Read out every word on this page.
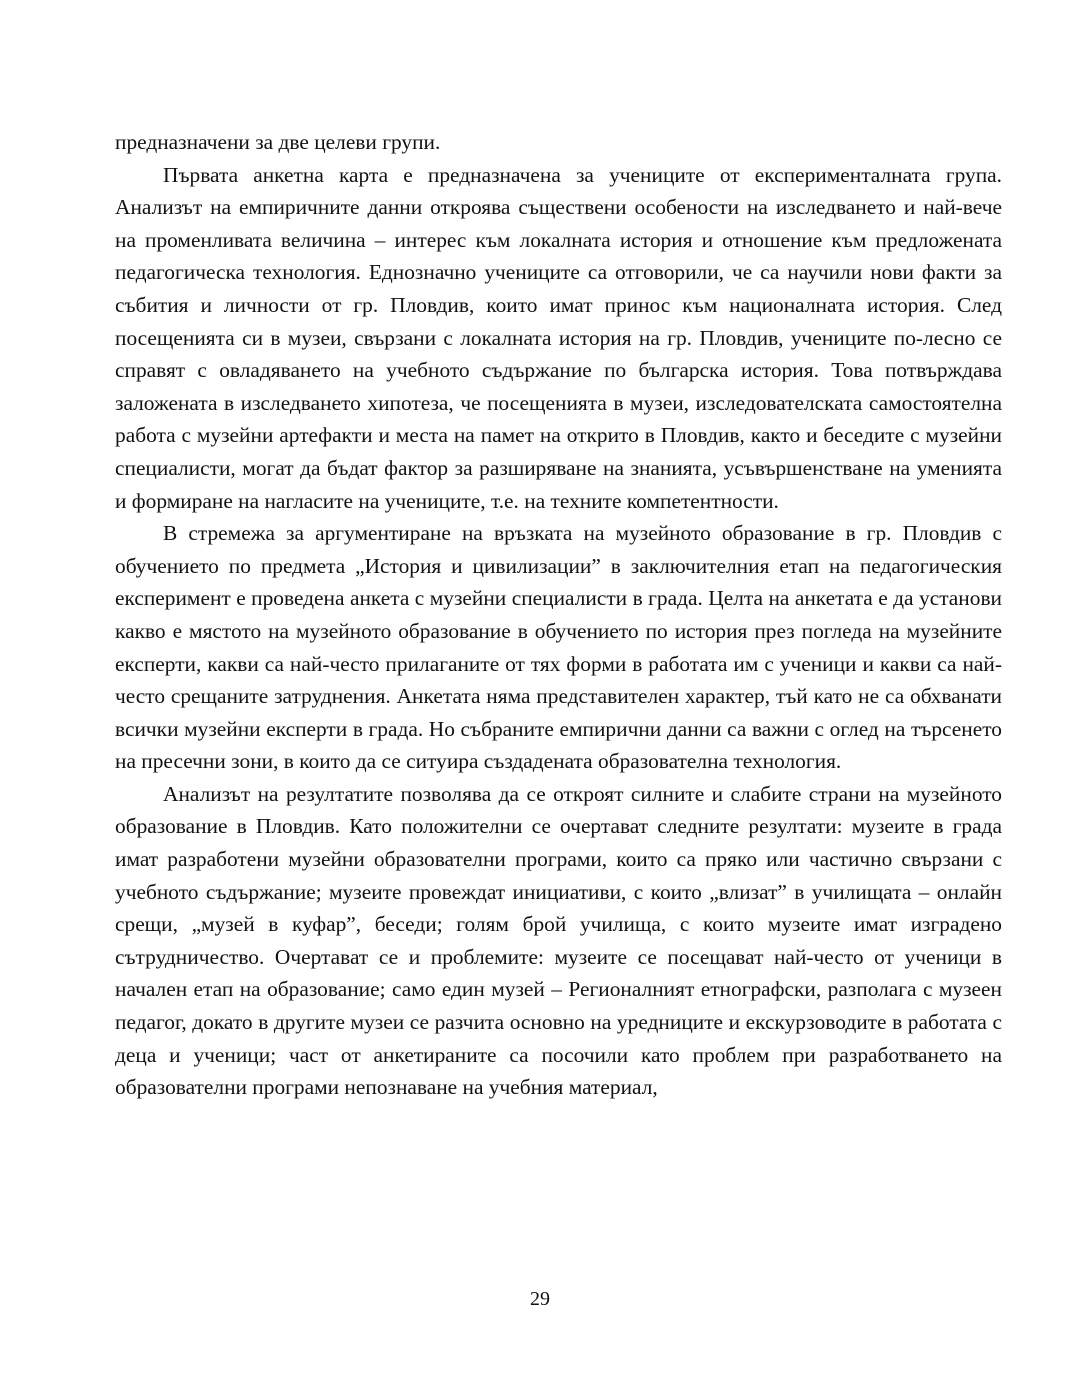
предназначени за две целеви групи.

Първата анкетна карта е предназначена за учениците от експерименталната група. Анализът на емпиричните данни откроява съществени особености на изследването и най-вече на променливата величина – интерес към локалната история и отношение към предложената педагогическа технология. Еднозначно учениците са отговорили, че са научили нови факти за събития и личности от гр. Пловдив, които имат принос към националната история. След посещенията си в музеи, свързани с локалната история на гр. Пловдив, учениците по-лесно се справят с овладяването на учебното съдържание по българска история. Това потвърждава заложената в изследването хипотеза, че посещенията в музеи, изследователската самостоятелна работа с музейни артефакти и места на памет на открито в Пловдив, както и беседите с музейни специалисти, могат да бъдат фактор за разширяване на знанията, усъвършенстване на уменията и формиране на нагласите на учениците, т.е. на техните компетентности.

В стремежа за аргументиране на връзката на музейното образование в гр. Пловдив с обучението по предмета „История и цивилизации” в заключителния етап на педагогическия експеримент е проведена анкета с музейни специалисти в града. Целта на анкетата е да установи какво е мястото на музейното образование в обучението по история през погледа на музейните експерти, какви са най-често прилаганите от тях форми в работата им с ученици и какви са най-често срещаните затруднения. Анкетата няма представителен характер, тъй като не са обхванати всички музейни експерти в града. Но събраните емпирични данни са важни с оглед на търсенето на пресечни зони, в които да се ситуира създадената образователна технология.

Анализът на резултатите позволява да се откроят силните и слабите страни на музейното образование в Пловдив. Като положителни се очертават следните резултати: музеите в града имат разработени музейни образователни програми, които са пряко или частично свързани с учебното съдържание; музеите провеждат инициативи, с които „влизат” в училищата – онлайн срещи, „музей в куфар”, беседи; голям брой училища, с които музеите имат изградено сътрудничество. Очертават се и проблемите: музеите се посещават най-често от ученици в начален етап на образование; само един музей – Регионалният етнографски, разполага с музеен педагог, докато в другите музеи се разчита основно на уредниците и екскурзоводите в работата с деца и ученици; част от анкетираните са посочили като проблем при разработването на образователни програми непознаване на учебния материал,

29
